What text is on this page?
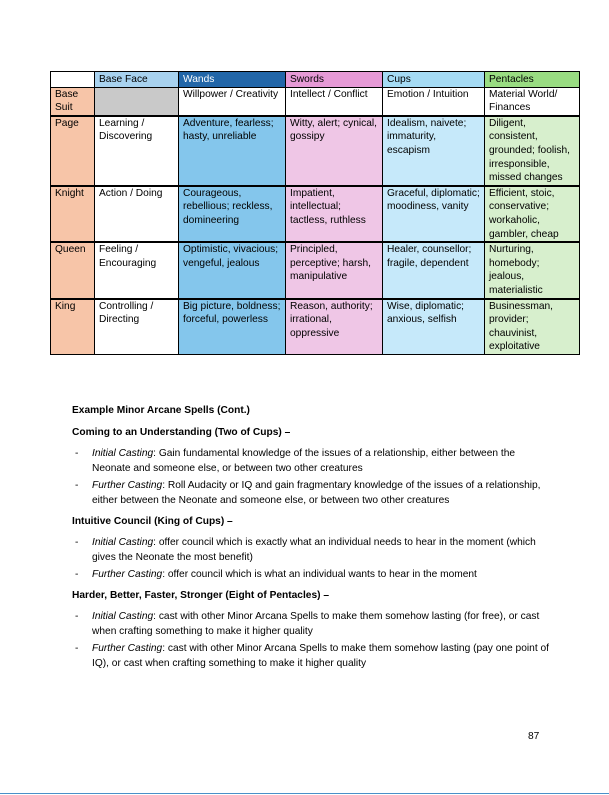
	Base Face	Wands	Swords	Cups	Pentacles
Base Suit		Willpower / Creativity	Intellect / Conflict	Emotion / Intuition	Material World/ Finances
Page	Learning / Discovering	Adventure, fearless; hasty, unreliable	Witty, alert; cynical, gossipy	Idealism, naivete; immaturity, escapism	Diligent, consistent, grounded; foolish, irresponsible, missed changes
Knight	Action / Doing	Courageous, rebellious; reckless, domineering	Impatient, intellectual; tactless, ruthless	Graceful, diplomatic; moodiness, vanity	Efficient, stoic, conservative; workaholic, gambler, cheap
Queen	Feeling / Encouraging	Optimistic, vivacious; vengeful, jealous	Principled, perceptive; harsh, manipulative	Healer, counsellor; fragile, dependent	Nurturing, homebody; jealous, materialistic
King	Controlling / Directing	Big picture, boldness; forceful, powerless	Reason, authority; irrational, oppressive	Wise, diplomatic; anxious, selfish	Businessman, provider; chauvinist, exploitative
Example Minor Arcane Spells (Cont.)
Coming to an Understanding (Two of Cups) –
- Initial Casting: Gain fundamental knowledge of the issues of a relationship, either between the Neonate and someone else, or between two other creatures
- Further Casting: Roll Audacity or IQ and gain fragmentary knowledge of the issues of a relationship, either between the Neonate and someone else, or between two other creatures
Intuitive Council (King of Cups) –
- Initial Casting: offer council which is exactly what an individual needs to hear in the moment (which gives the Neonate the most benefit)
- Further Casting: offer council which is what an individual wants to hear in the moment
Harder, Better, Faster, Stronger (Eight of Pentacles) –
- Initial Casting: cast with other Minor Arcana Spells to make them somehow lasting (for free), or cast when crafting something to make it higher quality
- Further Casting: cast with other Minor Arcana Spells to make them somehow lasting (pay one point of IQ), or cast when crafting something to make it higher quality
87
